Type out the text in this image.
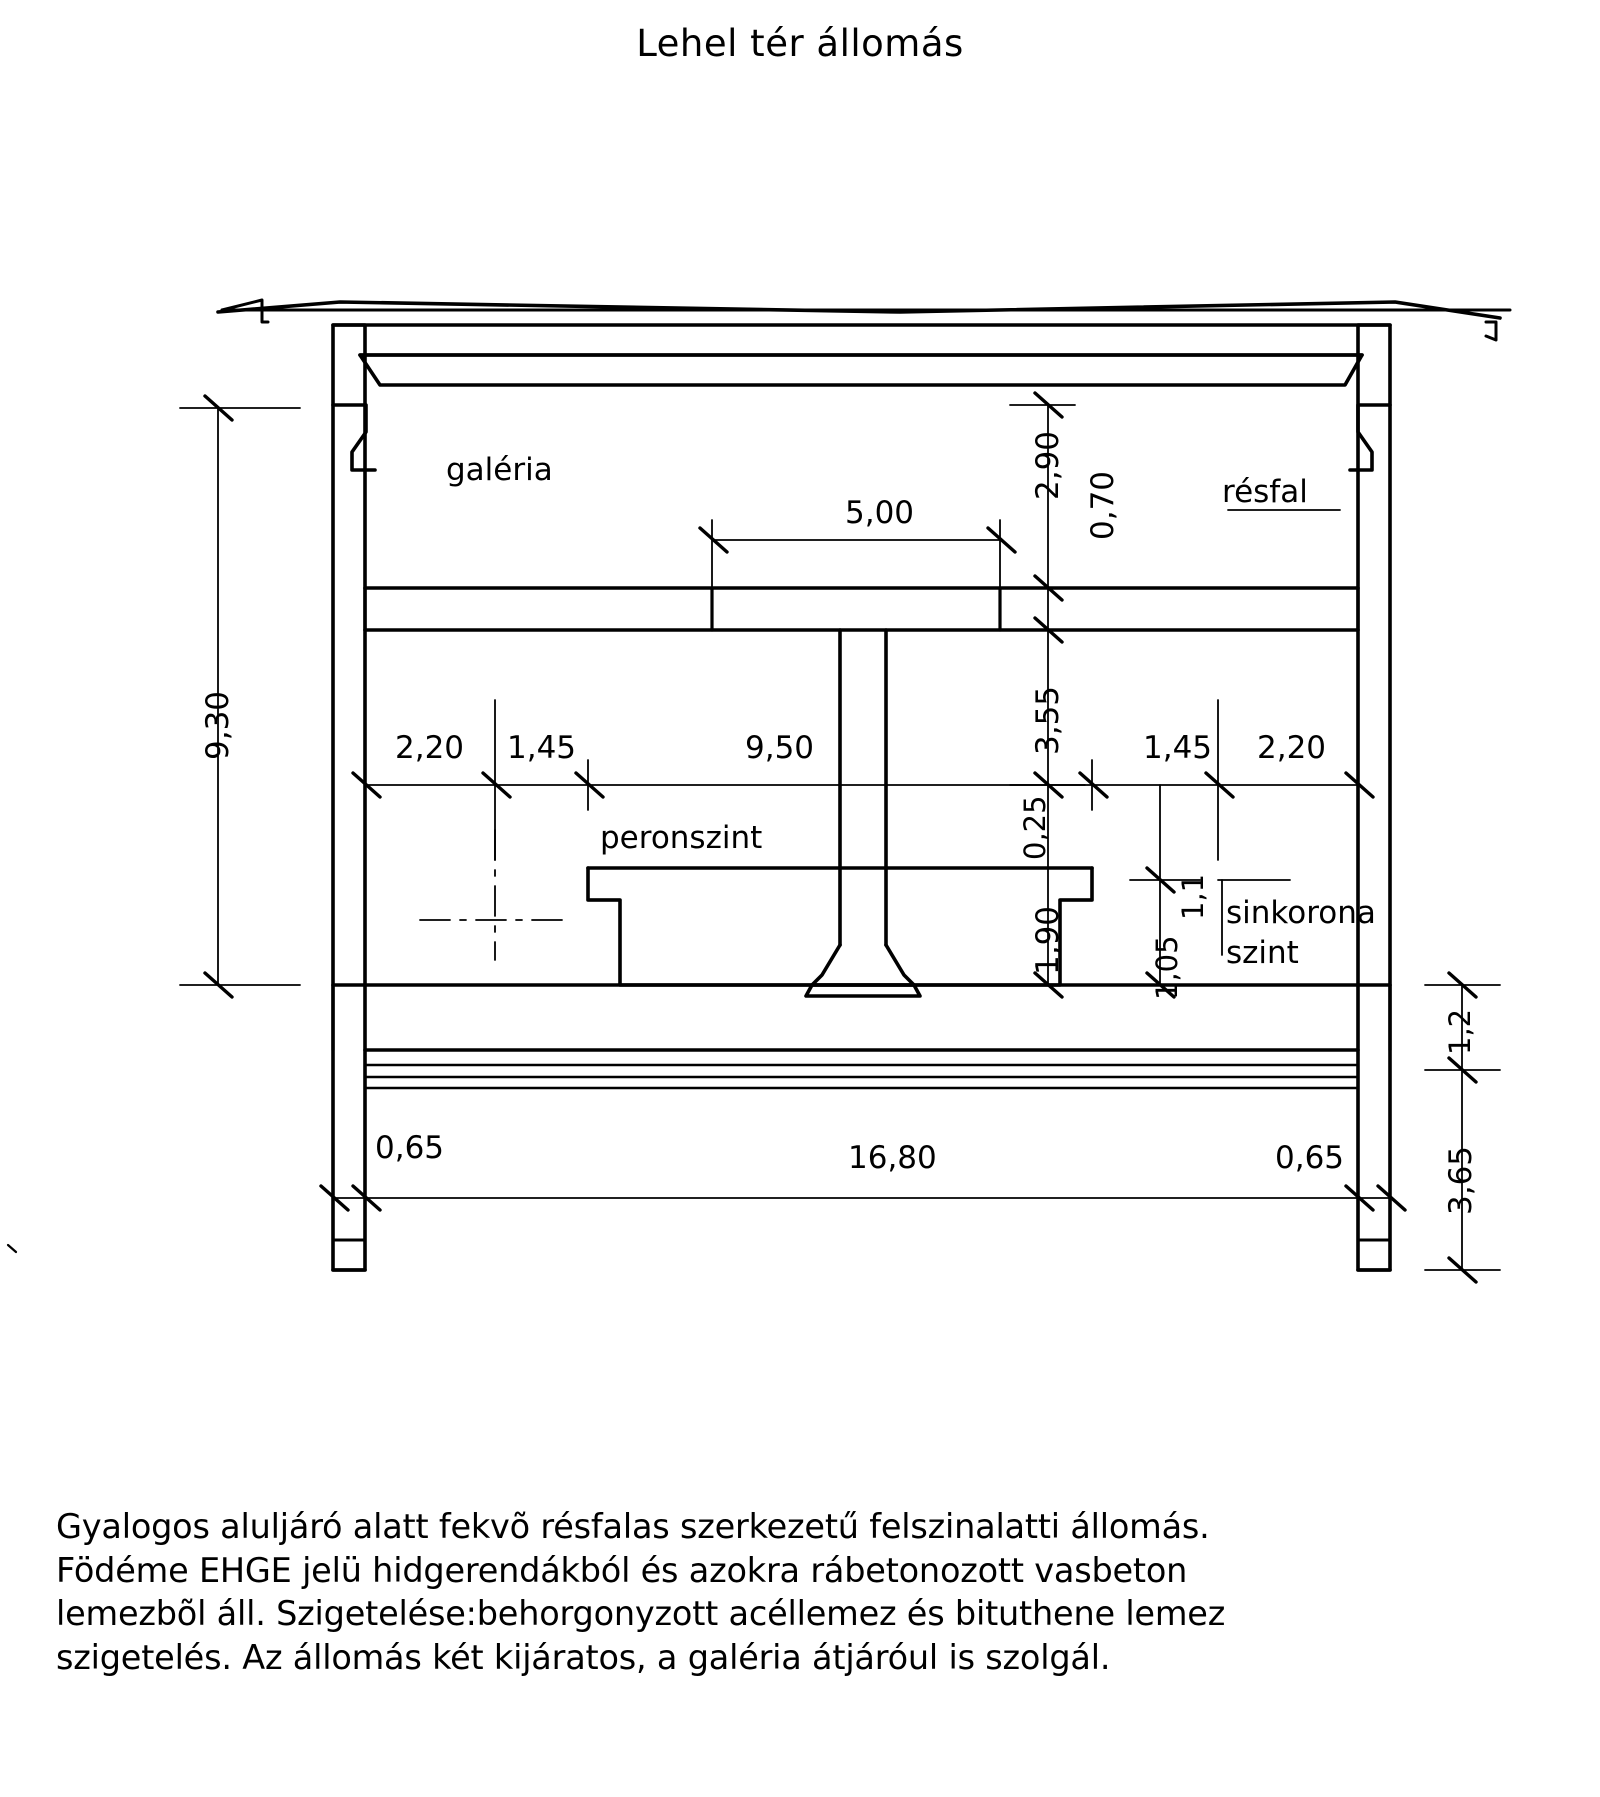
Lehel tér állomás
galéria
résfal
peronszint
sinkorona
szint
9,30
2,90
0,70
5,00
2,20 1,45	9,50	1,45 2,20
3,55
0,25
1,90
1,1
1,05
0,65	16,80	0,65
1,2
3,65
Gyalogos aluljáró alatt fekvõ résfalas szerkezetű felszinalatti állomás.
Födéme EHGE jelü hidgerendákból és azokra rábetonozott vasbeton
lemezbõl áll. Szigetelése:behorgonyzott acéllemez és bituthene lemez
szigetelés. Az állomás két kijáratos, a galéria átjáróul is szolgál.
